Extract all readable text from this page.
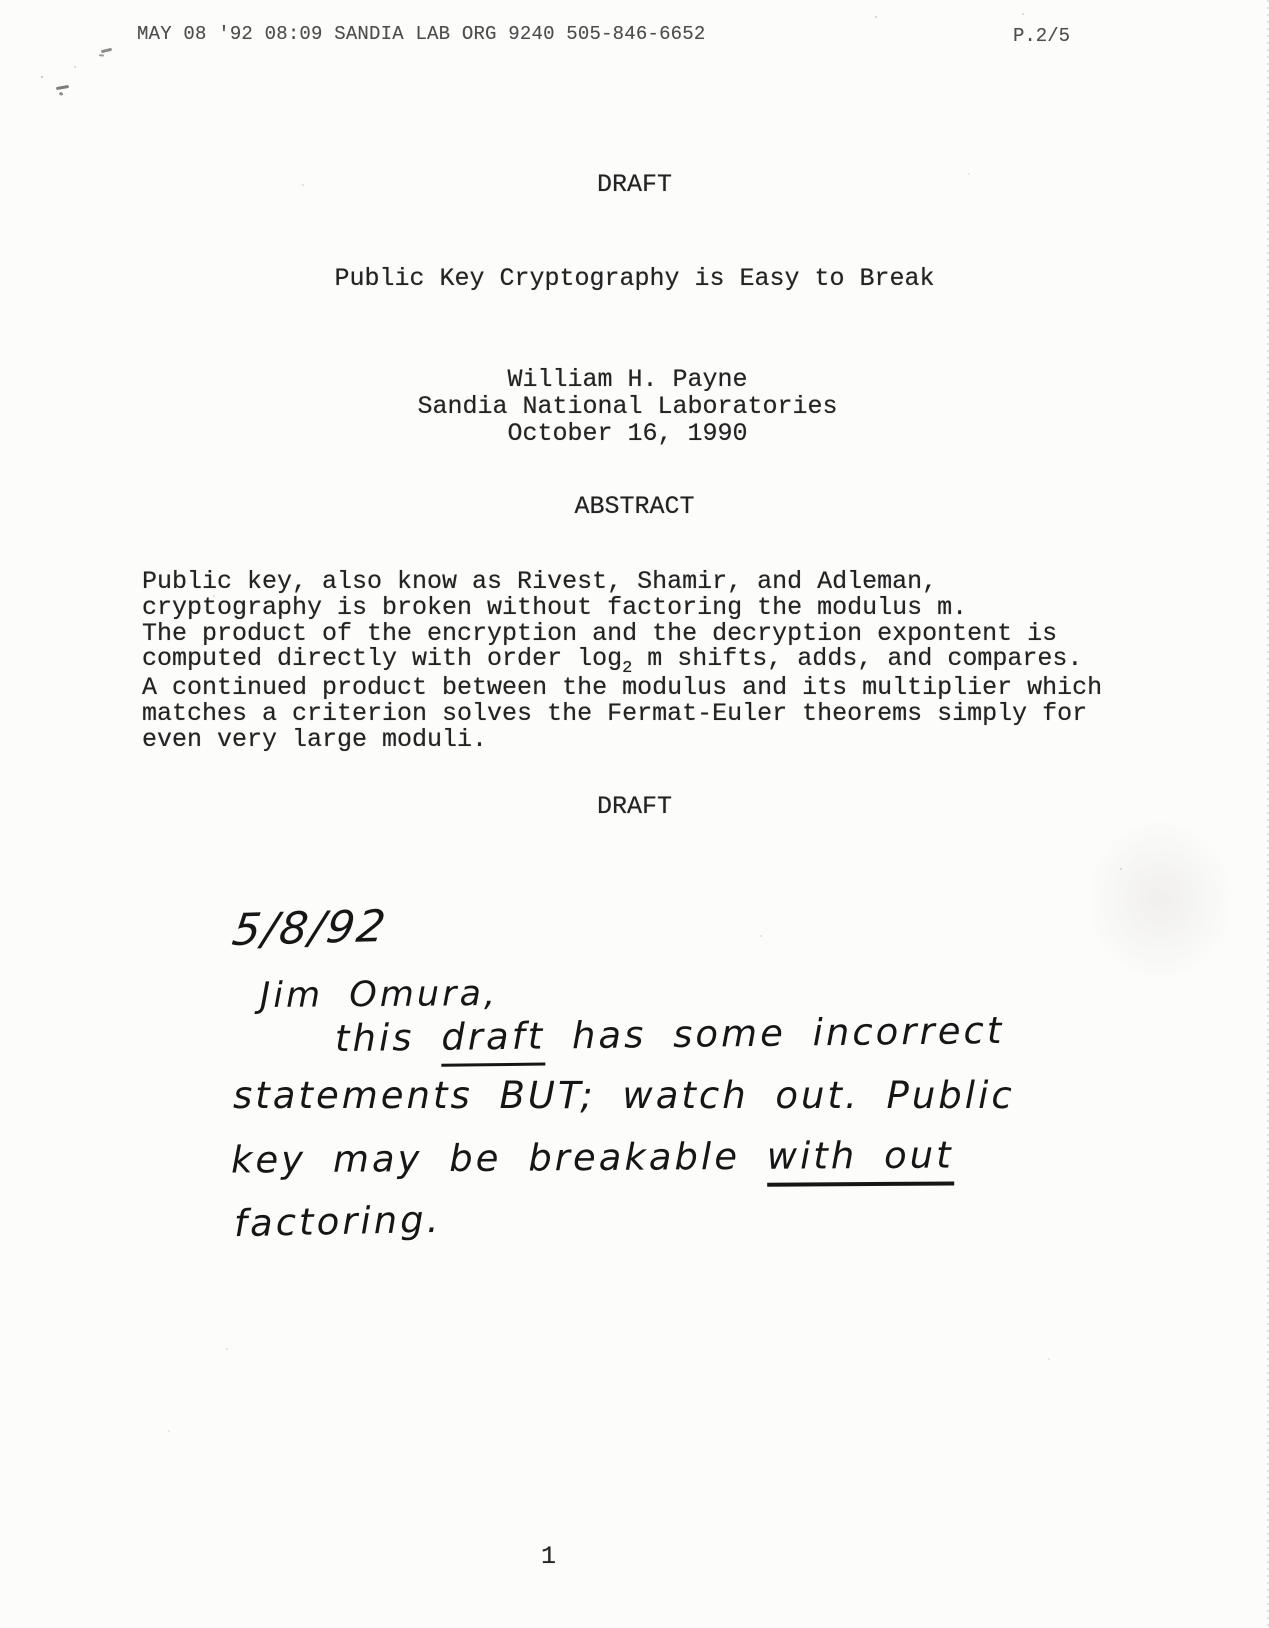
MAY 08 '92 08:09 SANDIA LAB ORG 9240 505-846-6652	P.2/5
DRAFT
Public Key Cryptography is Easy to Break
William H. Payne
Sandia National Laboratories
October 16, 1990
ABSTRACT
Public key, also know as Rivest, Shamir, and Adleman,
cryptography is broken without factoring the modulus m.
The product of the encryption and the decryption expontent is
computed directly with order log2 m shifts, adds, and compares.
A continued product between the modulus and its multiplier which
matches a criterion solves the Fermat-Euler theorems simply for
even very large moduli.
DRAFT
5/8/92
Jim Omura,
this draft has some incorrect
statements BUT; watch out. Public
key may be breakable with out
factoring.
1
